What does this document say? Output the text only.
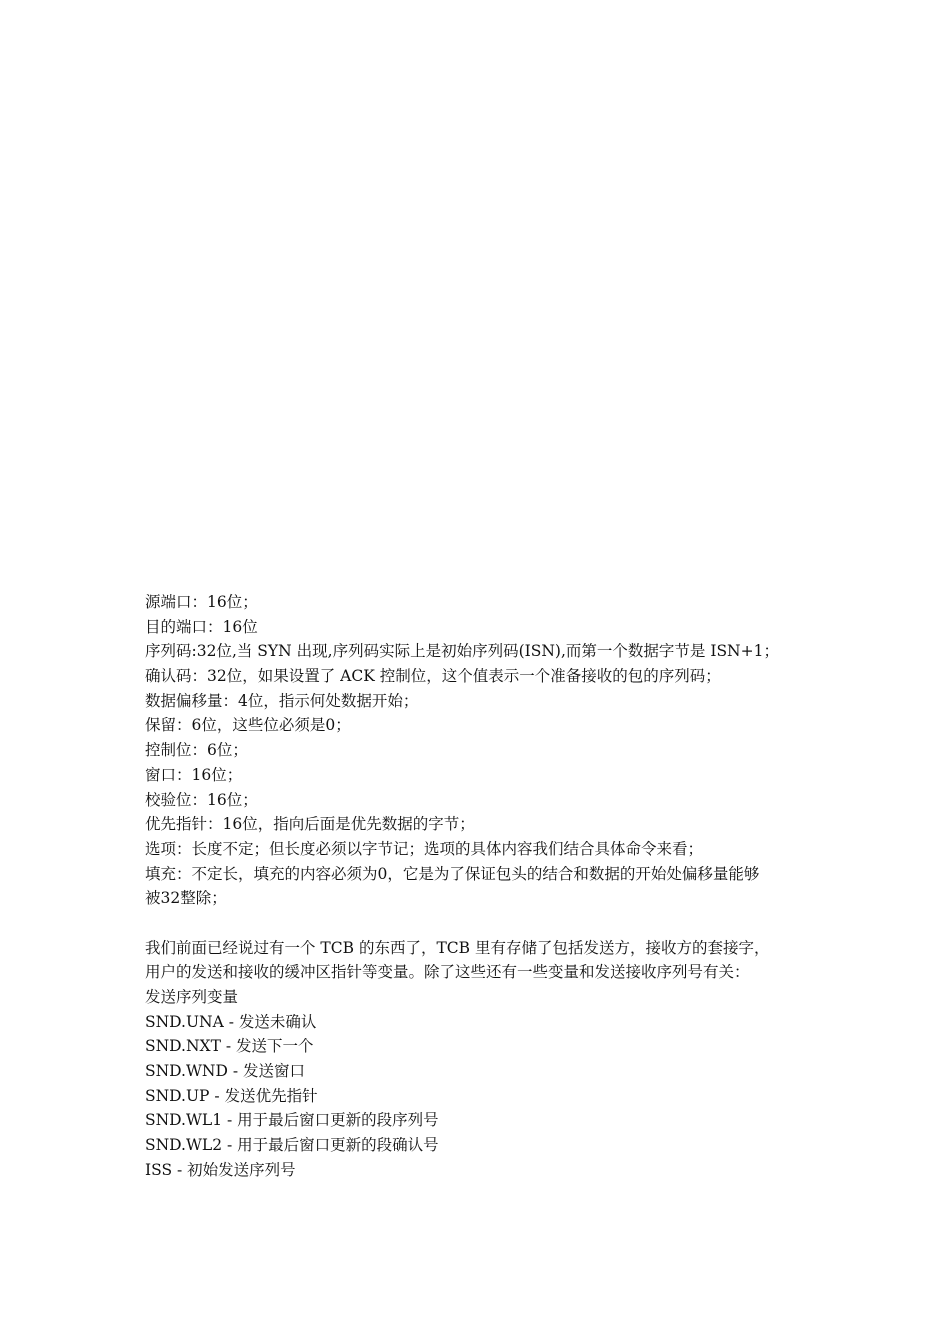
源端口：16位；
目的端口：16位
序列码:32位,当 SYN 出现,序列码实际上是初始序列码(ISN),而第一个数据字节是 ISN+1；
确认码：32位，如果设置了 ACK 控制位，这个值表示一个准备接收的包的序列码；
数据偏移量：4位，指示何处数据开始；
保留：6位，这些位必须是0；
控制位：6位；
窗口：16位；
校验位：16位；
优先指针：16位，指向后面是优先数据的字节；
选项：长度不定；但长度必须以字节记；选项的具体内容我们结合具体命令来看；
填充：不定长，填充的内容必须为0，它是为了保证包头的结合和数据的开始处偏移量能够
被32整除；
我们前面已经说过有一个 TCB 的东西了，TCB 里有存储了包括发送方，接收方的套接字，
用户的发送和接收的缓冲区指针等变量。除了这些还有一些变量和发送接收序列号有关：
发送序列变量
SND.UNA - 发送未确认
SND.NXT - 发送下一个
SND.WND - 发送窗口
SND.UP - 发送优先指针
SND.WL1 - 用于最后窗口更新的段序列号
SND.WL2 - 用于最后窗口更新的段确认号
ISS - 初始发送序列号
